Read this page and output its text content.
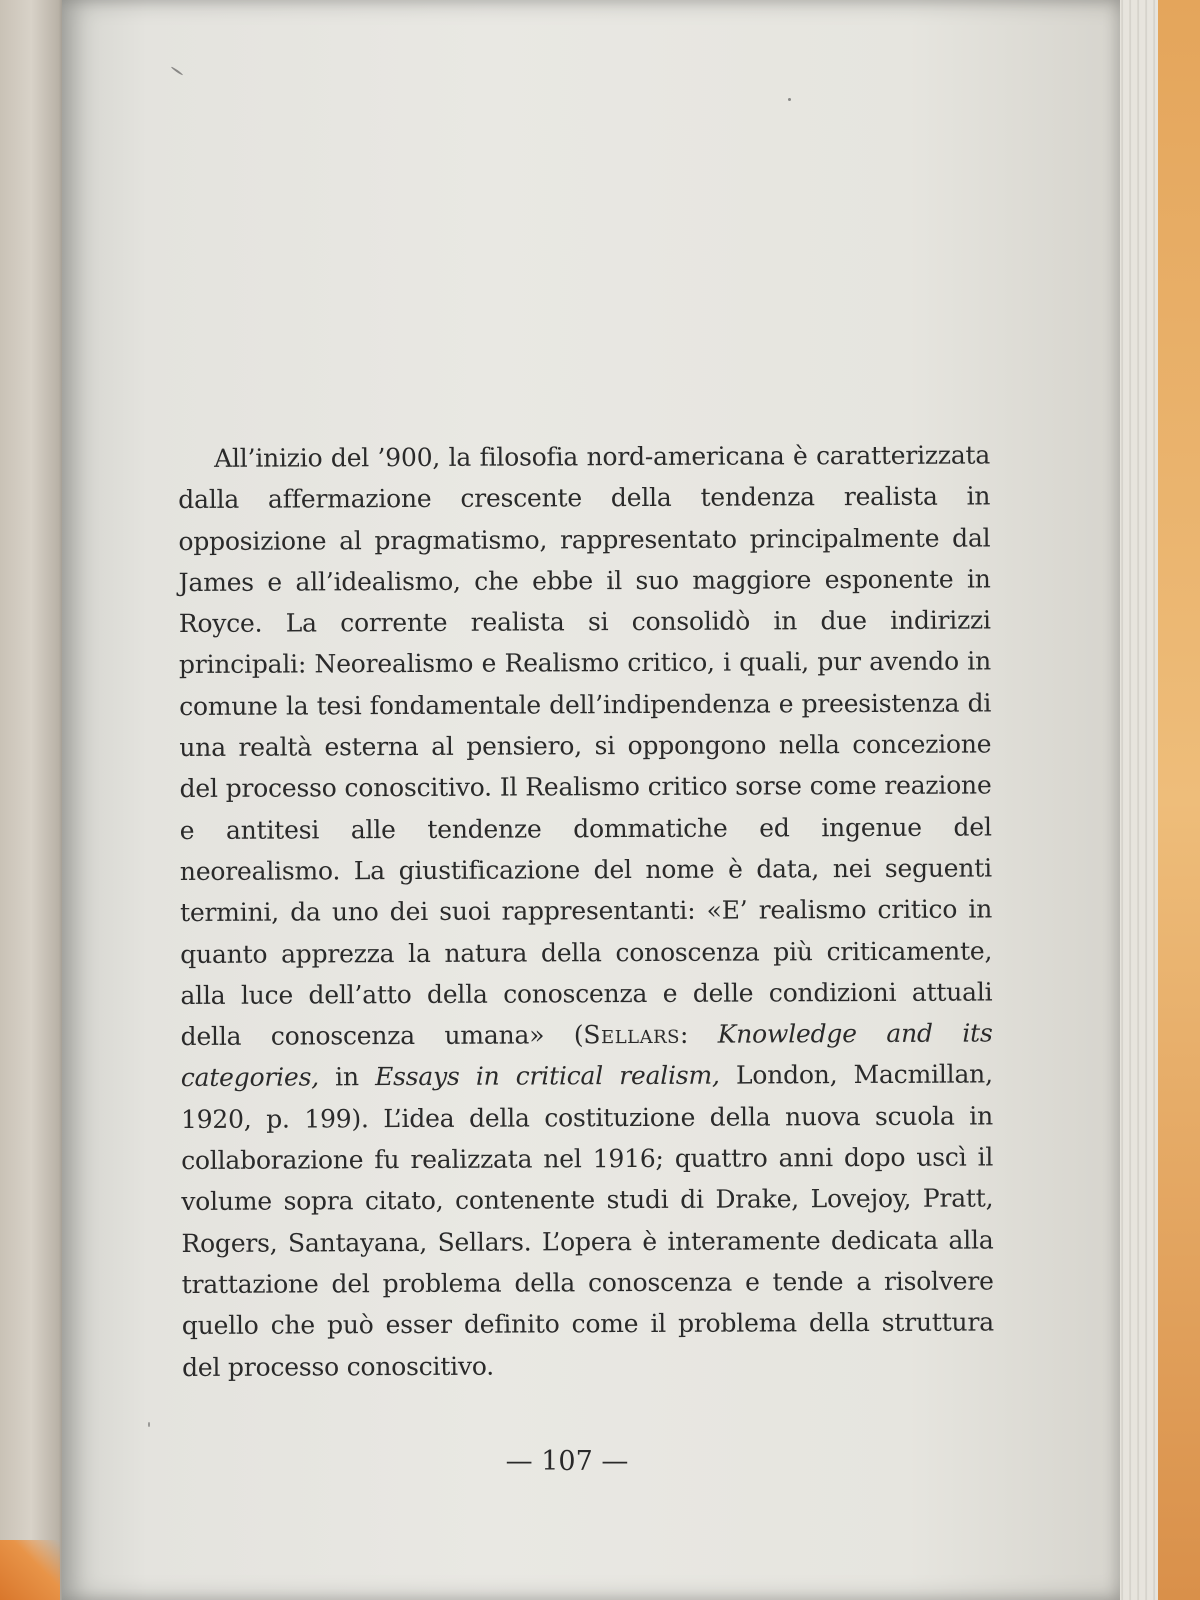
All’inizio del ’900, la filosofia nord-americana è caratterizzata dalla affermazione crescente della tendenza realista in opposizione al pragmatismo, rappresentato principalmente dal James e all’idealismo, che ebbe il suo maggiore esponente in Royce. La corrente realista si consolidò in due indirizzi principali: Neorealismo e Realismo critico, i quali, pur avendo in comune la tesi fondamentale dell’indipendenza e preesistenza di una realtà esterna al pensiero, si oppongono nella concezione del processo conoscitivo. Il Realismo critico sorse come reazione e antitesi alle tendenze dommatiche ed ingenue del neorealismo. La giustificazione del nome è data, nei seguenti termini, da uno dei suoi rappresentanti: «E’ realismo critico in quanto apprezza la natura della conoscenza più criticamente, alla luce dell’atto della conoscenza e delle condizioni attuali della conoscenza umana» (Sellars: Knowledge and its categories, in Essays in critical realism, London, Macmillan, 1920, p. 199). L’idea della costituzione della nuova scuola in collaborazione fu realizzata nel 1916; quattro anni dopo uscì il volume sopra citato, contenente studi di Drake, Lovejoy, Pratt, Rogers, Santayana, Sellars. L’opera è interamente dedicata alla trattazione del problema della conoscenza e tende a risolvere quello che può esser definito come il problema della struttura del processo conoscitivo.

— 107 —
